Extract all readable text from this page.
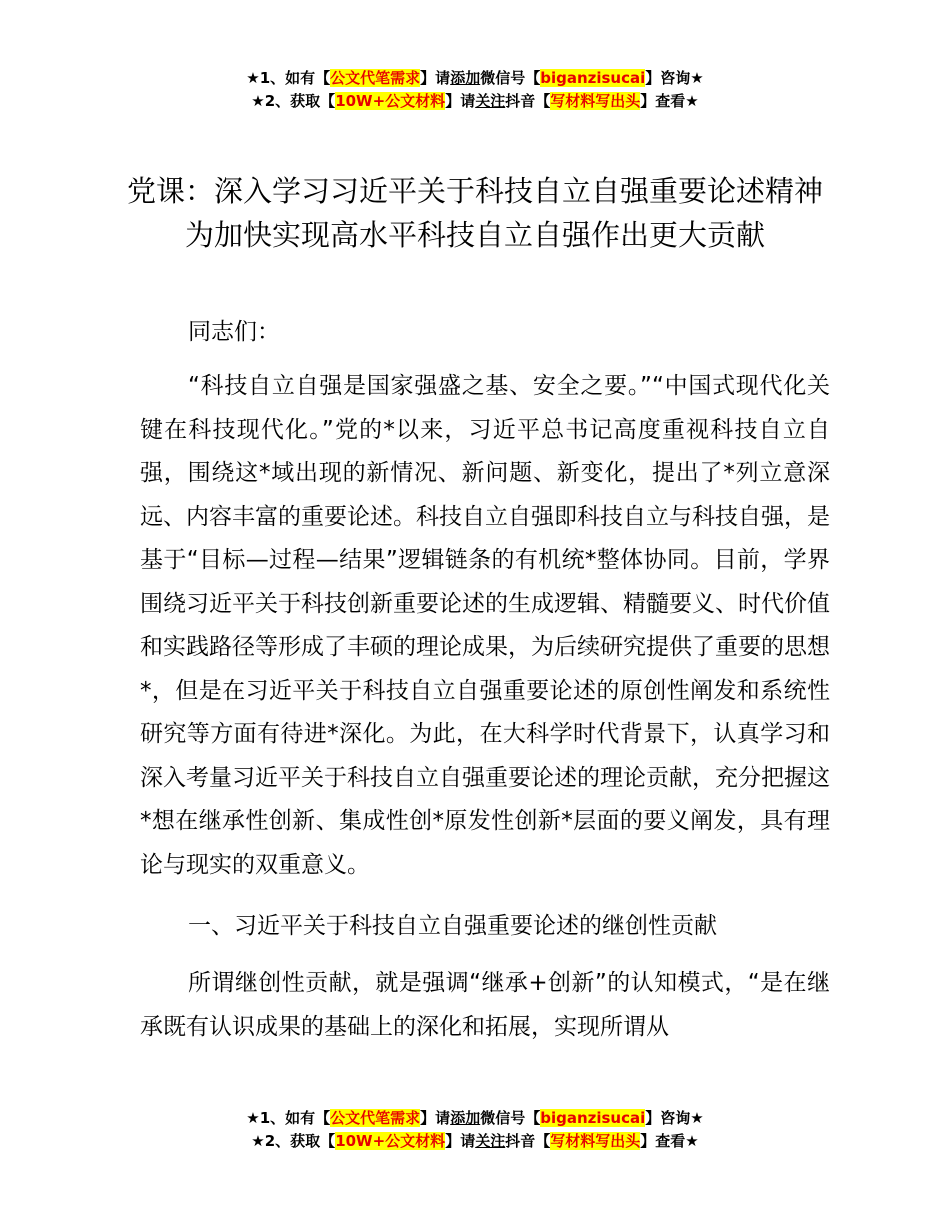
★1、如有【公文代笔需求】请添加微信号【biganzisucai】咨询★
★2、获取【10W+公文材料】请关注抖音【写材料写出头】查看★
党课：深入学习习近平关于科技自立自强重要论述精神为加快实现高水平科技自立自强作出更大贡献

同志们：

“科技自立自强是国家强盛之基、安全之要。”“中国式现代化关键在科技现代化。”党的*以来，习近平总书记高度重视科技自立自强，围绕这*域出现的新情况、新问题、新变化，提出了*列立意深远、内容丰富的重要论述。科技自立自强即科技自立与科技自强，是基于“目标—过程—结果”逻辑链条的有机统*整体协同。目前，学界围绕习近平关于科技创新重要论述的生成逻辑、精髓要义、时代价值和实践路径等形成了丰硕的理论成果，为后续研究提供了重要的思想*，但是在习近平关于科技自立自强重要论述的原创性阐发和系统性研究等方面有待进*深化。为此，在大科学时代背景下，认真学习和深入考量习近平关于科技自立自强重要论述的理论贡献，充分把握这*想在继承性创新、集成性创*原发性创新*层面的要义阐发，具有理论与现实的双重意义。

一、习近平关于科技自立自强重要论述的继创性贡献

所谓继创性贡献，就是强调“继承+创新”的认知模式，“是在继承既有认识成果的基础上的深化和拓展，实现所谓从

★1、如有【公文代笔需求】请添加微信号【biganzisucai】咨询★
★2、获取【10W+公文材料】请关注抖音【写材料写出头】查看★
